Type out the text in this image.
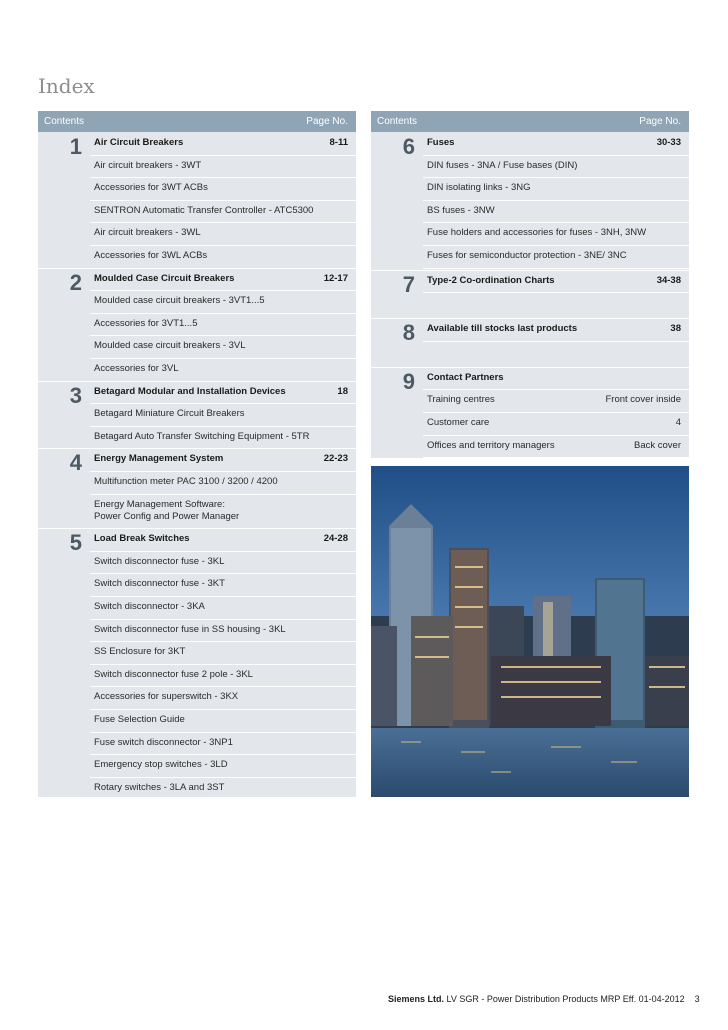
Index
Contents	Page No.
1 Air Circuit Breakers	8-11
Air circuit breakers - 3WT
Accessories for 3WT ACBs
SENTRON Automatic Transfer Controller - ATC5300
Air circuit breakers - 3WL
Accessories for 3WL ACBs
2 Moulded Case Circuit Breakers	12-17
Moulded case circuit breakers - 3VT1...5
Accessories for 3VT1...5
Moulded case circuit breakers - 3VL
Accessories for 3VL
3 Betagard Modular and Installation Devices	18
Betagard Miniature Circuit Breakers
Betagard Auto Transfer Switching Equipment - 5TR
4 Energy Management System	22-23
Multifunction meter PAC 3100 / 3200 / 4200
Energy Management Software:
Power Config and Power Manager
5 Load Break Switches	24-28
Switch disconnector fuse - 3KL
Switch disconnector fuse - 3KT
Switch disconnector - 3KA
Switch disconnector fuse in SS housing - 3KL
SS Enclosure for 3KT
Switch disconnector fuse 2 pole - 3KL
Accessories for superswitch - 3KX
Fuse Selection Guide
Fuse switch disconnector - 3NP1
Emergency stop switches - 3LD
Rotary switches - 3LA and 3ST
Contents	Page No.
6 Fuses	30-33
DIN fuses - 3NA / Fuse bases (DIN)
DIN isolating links - 3NG
BS fuses - 3NW
Fuse holders and accessories for fuses - 3NH, 3NW
Fuses for semiconductor protection - 3NE/ 3NC
7 Type-2 Co-ordination Charts	34-38
8 Available till stocks last products	38
9 Contact Partners
Training centres	Front cover inside
Customer care	4
Offices and territory managers	Back cover
Siemens Ltd. LV SGR - Power Distribution Products MRP Eff. 01-04-2012 3
